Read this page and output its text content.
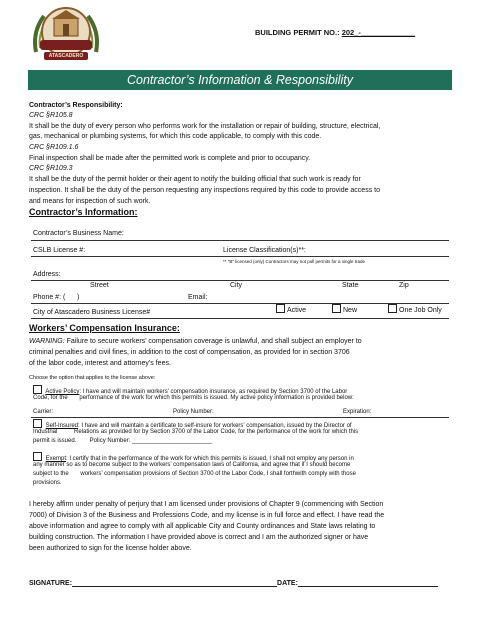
ATASCADERO
BUILDING PERMIT NO.: 202_-_____________
Contractor’s Information & Responsibility
Contractor’s Responsibility:
CRC §R105.8
It shall be the duty of every person who performs work for the installation or repair of building, structure, electrical,
gas, mechanical or plumbing systems, for which this code applicable, to comply with this code.
CRC §R109.1.6
Final inspection shall be made after the permitted work is complete and prior to occupancy.
CRC §R109.3
It shall be the duty of the permit holder or their agent to notify the building official that such work is ready for
inspection. It shall be the duty of the person requesting any inspections required by this code to provide access to
and means for inspection of such work.
Contractor’s Information:
Contractor’s Business Name:
CSLB License #:	License Classification(s)**:
** "B" licensed (only) Contractors may not pull permits for a single trade
Address:
Street	City	State	Zip
Phone #: (      )	Email:
City of Atascadero Business License#	Active	New	One Job Only
Workers’ Compensation Insurance:
WARNING: Failure to secure workers’ compensation coverage is unlawful, and shall subject an employer to
criminal penalties and civil fines, in addition to the cost of compensation, as provided for in section 3706
of the labor code, interest and attorney’s fees.
Choose the option that applies to the license above:
Active Policy: I have and will maintain workers’ compensation insurance, as required by Section 3700 of the Labor
Code, for the       performance of the work for which this permits is issued. My active policy information is provided below:
Carrier:	Policy Number:	Expiration:
Self-Insured: I have and will maintain a certificate to self-insure for workers’ compensation, issued by the Director of
Industrial          Relations as provided for by Section 3700 of the Labor Code, for the performance of the work for which this
permit is issued.        Policy Number: ________________________
Exempt: I certify that in the performance of the work for which this permits is issued, I shall not employ any person in
any manner so as to become subject to the workers’ compensation laws of California, and agree that if I should become
subject to the       workers’ compensation provisions of Section 3700 of the Labor Code, I shall forthwith comply with those
provisions.
I hereby affirm under penalty of perjury that I am licensed under provisions of Chapter 9 (commencing with Section
7000) of Division 3 of the Business and Professions Code, and my license is in full force and effect. I have read the
above information and agree to comply with all applicable City and County ordinances and State laws relating to
building construction. The information I have provided above is correct and I am the authorized signer or have
been authorized to sign for the license holder above.
SIGNATURE:	DATE:
